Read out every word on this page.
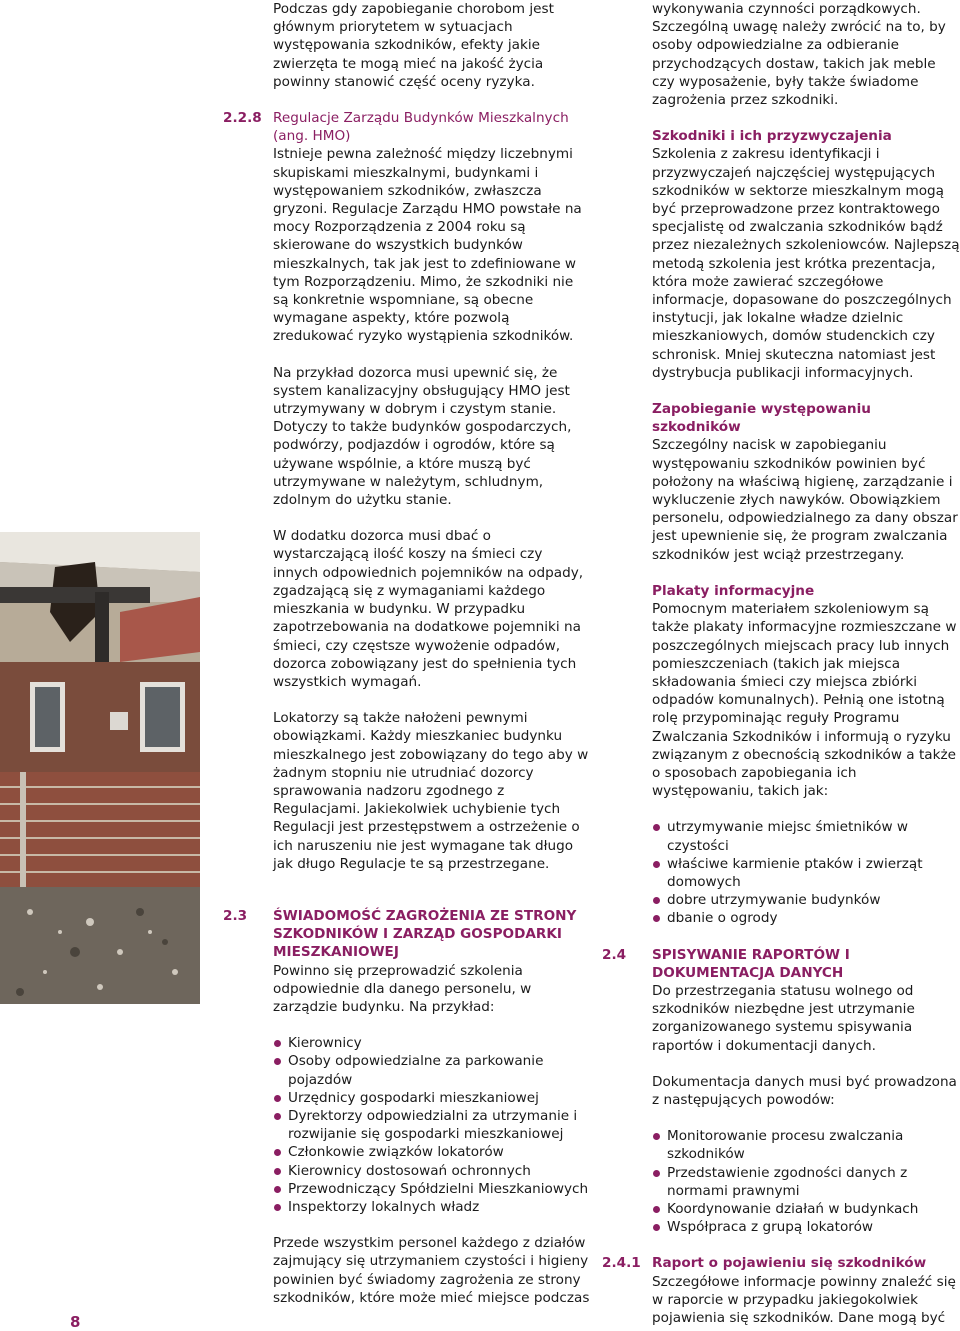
8

Podczas gdy zapobieganie chorobom jest głównym priorytetem w sytuacjach występowania szkodników, efekty jakie zwierzęta te mogą mieć na jakość życia powinny stanowić część oceny ryzyka.

2.2.8 Regulacje Zarządu Budynków Mieszkalnych (ang. HMO)

Istnieje pewna zależność między liczebnymi skupiskami mieszkalnymi, budynkami i występowaniem szkodników, zwłaszcza gryzoni. Regulacje Zarządu HMO powstałe na mocy Rozporządzenia z 2004 roku są skierowane do wszystkich budynków mieszkalnych, tak jak jest to zdefiniowane w tym Rozporządzeniu. Mimo, że szkodniki nie są konkretnie wspomniane, są obecne wymagane aspekty, które pozwolą zredukować ryzyko wystąpienia szkodników.

Na przykład dozorca musi upewnić się, że system kanalizacyjny obsługujący HMO jest utrzymywany w dobrym i czystym stanie. Dotyczy to także budynków gospodarczych, podwórzy, podjazdów i ogrodów, które są używane wspólnie, a które muszą być utrzymywane w należytym, schludnym, zdolnym do użytku stanie.

W dodatku dozorca musi dbać o wystarczającą ilość koszy na śmieci czy innych odpowiednich pojemników na odpady, zgadzającą się z wymaganiami każdego mieszkania w budynku. W przypadku zapotrzebowania na dodatkowe pojemniki na śmieci, czy częstsze wywożenie odpadów, dozorca zobowiązany jest do spełnienia tych wszystkich wymagań.

Lokatorzy są także nałożeni pewnymi obowiązkami. Każdy mieszkaniec budynku mieszkalnego jest zobowiązany do tego aby w żadnym stopniu nie utrudniać dozorcy sprawowania nadzoru zgodnego z Regulacjami. Jakiekolwiek uchybienie tych Regulacji jest przestępstwem a ostrzeżenie o ich naruszeniu nie jest wymagane tak długo jak długo Regulacje te są przestrzegane.

2.3	ŚWIADOMOŚĆ ZAGROŻENIA ZE STRONY SZKODNIKÓW I ZARZĄD GOSPODARKI MIESZKANIOWEJ

Powinno się przeprowadzić szkolenia odpowiednie dla danego personelu, w zarządzie budynku. Na przykład:

Kierownicy
Osoby odpowiedzialne za parkowanie pojazdów
Urzędnicy gospodarki mieszkaniowej
Dyrektorzy odpowiedzialni za utrzymanie i rozwijanie się gospodarki mieszkaniowej
Członkowie związków lokatorów
Kierownicy dostosowań ochronnych
Przewodniczący Spółdzielni Mieszkaniowych
Inspektorzy lokalnych władz

Przede wszystkim personel każdego z działów zajmujący się utrzymaniem czystości i higieny powinien być świadomy zagrożenia ze strony szkodników, które może mieć miejsce podczas

wykonywania czynności porządkowych. Szczególną uwagę należy zwrócić na to, by osoby odpowiedzialne za odbieranie przychodzących dostaw, takich jak meble czy wyposażenie, były także świadome zagrożenia przez szkodniki.

Szkodniki i ich przyzwyczajenia

Szkolenia z zakresu identyfikacji i przyzwyczajeń najczęściej występujących szkodników w sektorze mieszkalnym mogą być przeprowadzone przez kontraktowego specjalistę od zwalczania szkodników bądź przez niezależnych szkoleniowców. Najlepszą metodą szkolenia jest krótka prezentacja, która może zawierać szczegółowe informacje, dopasowane do poszczególnych instytucji, jak lokalne władze dzielnic mieszkaniowych, domów studenckich czy schronisk. Mniej skuteczna natomiast jest dystrybucja publikacji informacyjnych.

Zapobieganie występowaniu szkodników

Szczególny nacisk w zapobieganiu występowaniu szkodników powinien być położony na właściwą higienę, zarządzanie i wykluczenie złych nawyków. Obowiązkiem personelu, odpowiedzialnego za dany obszar jest upewnienie się, że program zwalczania szkodników jest wciąż przestrzegany.

Plakaty informacyjne

Pomocnym materiałem szkoleniowym są także plakaty informacyjne rozmieszczane w poszczególnych miejscach pracy lub innych pomieszczeniach (takich jak miejsca składowania śmieci czy miejsca zbiórki odpadów komunalnych). Pełnią one istotną rolę przypominając reguły Programu Zwalczania Szkodników i informują o ryzyku związanym z obecnością szkodników a także o sposobach zapobiegania ich występowaniu, takich jak:

utrzymywanie miejsc śmietników w czystości
właściwe karmienie ptaków i zwierząt domowych
dobre utrzymywanie budynków
dbanie o ogrody
2.4	SPISYWANIE RAPORTÓW I DOKUMENTACJA DANYCH

Do przestrzegania statusu wolnego od szkodników niezbędne jest utrzymanie zorganizowanego systemu spisywania raportów i dokumentacji danych.

Dokumentacja danych musi być prowadzona z następujących powodów:

Monitorowanie procesu zwalczania szkodników
Przedstawienie zgodności danych z normami prawnymi
Koordynowanie działań w budynkach
Współpraca z grupą lokatorów
2.4.1 Raport o pojawieniu się szkodników

Szczegółowe informacje powinny znaleźć się w raporcie w przypadku jakiegokolwiek pojawienia się szkodników. Dane mogą być
